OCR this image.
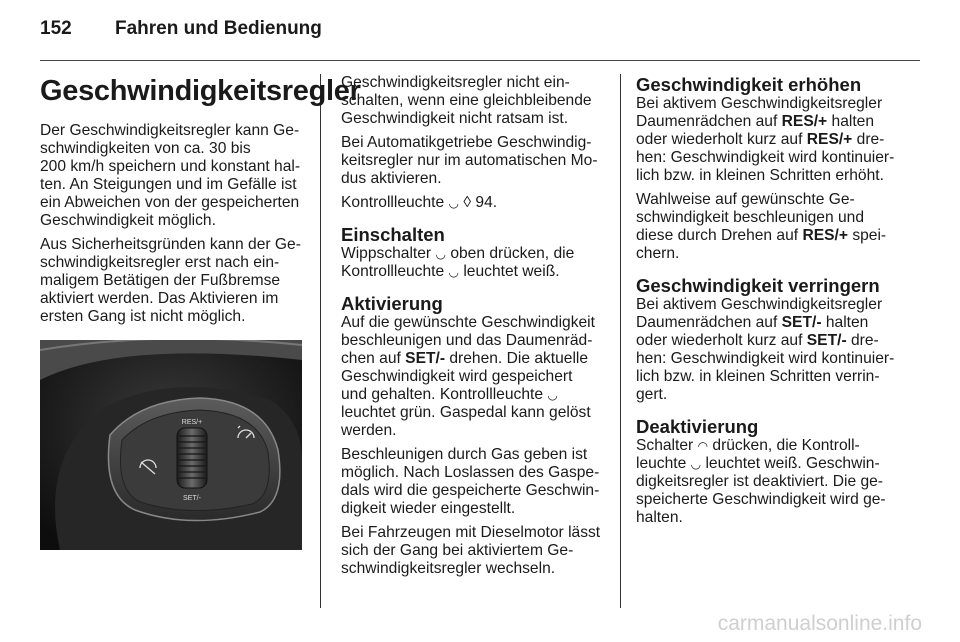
152	Fahren und Bedienung
Geschwindigkeitsregler

Der Geschwindigkeitsregler kann Ge-
schwindigkeiten von ca. 30 bis
200 km/h speichern und konstant hal-
ten. An Steigungen und im Gefälle ist
ein Abweichen von der gespeicherten
Geschwindigkeit möglich.

Aus Sicherheitsgründen kann der Ge-
schwindigkeitsregler erst nach ein-
maligem Betätigen der Fußbremse
aktiviert werden. Das Aktivieren im
ersten Gang ist nicht möglich.

RES/+
SET/-

Geschwindigkeitsregler nicht ein-
schalten, wenn eine gleichbleibende
Geschwindigkeit nicht ratsam ist.

Bei Automatikgetriebe Geschwindig-
keitsregler nur im automatischen Mo-
dus aktivieren.

Kontrollleuchte ◡ ◊ 94.

Einschalten

Wippschalter ◡ oben drücken, die
Kontrollleuchte ◡ leuchtet weiß.

Aktivierung

Auf die gewünschte Geschwindigkeit
beschleunigen und das Daumenräd-
chen auf SET/- drehen. Die aktuelle
Geschwindigkeit wird gespeichert
und gehalten. Kontrollleuchte ◡
leuchtet grün. Gaspedal kann gelöst
werden.

Beschleunigen durch Gas geben ist
möglich. Nach Loslassen des Gaspe-
dals wird die gespeicherte Geschwin-
digkeit wieder eingestellt.

Bei Fahrzeugen mit Dieselmotor lässt
sich der Gang bei aktiviertem Ge-
schwindigkeitsregler wechseln.

Geschwindigkeit erhöhen

Bei aktivem Geschwindigkeitsregler
Daumenrädchen auf RES/+ halten
oder wiederholt kurz auf RES/+ dre-
hen: Geschwindigkeit wird kontinuier-
lich bzw. in kleinen Schritten erhöht.

Wahlweise auf gewünschte Ge-
schwindigkeit beschleunigen und
diese durch Drehen auf RES/+ spei-
chern.

Geschwindigkeit verringern

Bei aktivem Geschwindigkeitsregler
Daumenrädchen auf SET/- halten
oder wiederholt kurz auf SET/- dre-
hen: Geschwindigkeit wird kontinuier-
lich bzw. in kleinen Schritten verrin-
gert.

Deaktivierung

Schalter ◠ drücken, die Kontroll-
leuchte ◡ leuchtet weiß. Geschwin-
digkeitsregler ist deaktiviert. Die ge-
speicherte Geschwindigkeit wird ge-
halten.

carmanualsonline.info
